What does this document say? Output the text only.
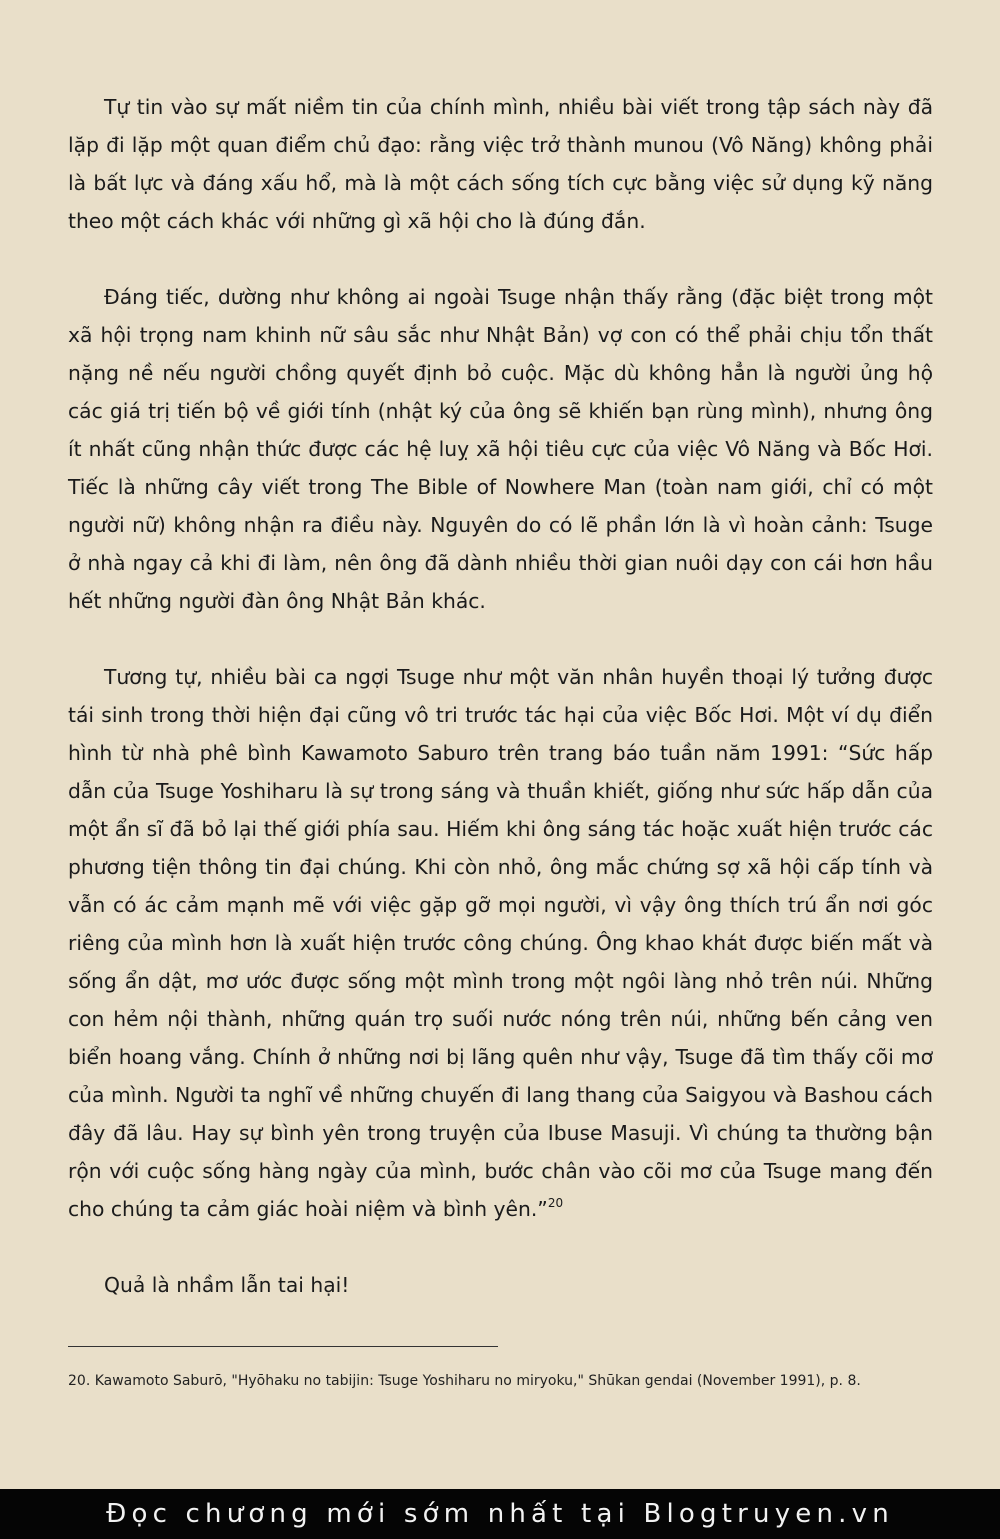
Tự tin vào sự mất niềm tin của chính mình, nhiều bài viết trong tập sách này đã lặp đi lặp một quan điểm chủ đạo: rằng việc trở thành munou (Vô Năng) không phải là bất lực và đáng xấu hổ, mà là một cách sống tích cực bằng việc sử dụng kỹ năng theo một cách khác với những gì xã hội cho là đúng đắn.

Đáng tiếc, dường như không ai ngoài Tsuge nhận thấy rằng (đặc biệt trong một xã hội trọng nam khinh nữ sâu sắc như Nhật Bản) vợ con có thể phải chịu tổn thất nặng nề nếu người chồng quyết định bỏ cuộc. Mặc dù không hẳn là người ủng hộ các giá trị tiến bộ về giới tính (nhật ký của ông sẽ khiến bạn rùng mình), nhưng ông ít nhất cũng nhận thức được các hệ luỵ xã hội tiêu cực của việc Vô Năng và Bốc Hơi. Tiếc là những cây viết trong The Bible of Nowhere Man (toàn nam giới, chỉ có một người nữ) không nhận ra điều này. Nguyên do có lẽ phần lớn là vì hoàn cảnh: Tsuge ở nhà ngay cả khi đi làm, nên ông đã dành nhiều thời gian nuôi dạy con cái hơn hầu hết những người đàn ông Nhật Bản khác.

Tương tự, nhiều bài ca ngợi Tsuge như một văn nhân huyền thoại lý tưởng được tái sinh trong thời hiện đại cũng vô tri trước tác hại của việc Bốc Hơi. Một ví dụ điển hình từ nhà phê bình Kawamoto Saburo trên trang báo tuần năm 1991: “Sức hấp dẫn của Tsuge Yoshiharu là sự trong sáng và thuần khiết, giống như sức hấp dẫn của một ẩn sĩ đã bỏ lại thế giới phía sau. Hiếm khi ông sáng tác hoặc xuất hiện trước các phương tiện thông tin đại chúng. Khi còn nhỏ, ông mắc chứng sợ xã hội cấp tính và vẫn có ác cảm mạnh mẽ với việc gặp gỡ mọi người, vì vậy ông thích trú ẩn nơi góc riêng của mình hơn là xuất hiện trước công chúng. Ông khao khát được biến mất và sống ẩn dật, mơ ước được sống một mình trong một ngôi làng nhỏ trên núi. Những con hẻm nội thành, những quán trọ suối nước nóng trên núi, những bến cảng ven biển hoang vắng. Chính ở những nơi bị lãng quên như vậy, Tsuge đã tìm thấy cõi mơ của mình. Người ta nghĩ về những chuyến đi lang thang của Saigyou và Bashou cách đây đã lâu. Hay sự bình yên trong truyện của Ibuse Masuji. Vì chúng ta thường bận rộn với cuộc sống hàng ngày của mình, bước chân vào cõi mơ của Tsuge mang đến cho chúng ta cảm giác hoài niệm và bình yên.”$^{20}$

Quả là nhầm lẫn tai hại!

20. Kawamoto Saburō, "Hyōhaku no tabijin: Tsuge Yoshiharu no miryoku," Shūkan gendai (November 1991), p. 8.
Đọc chương mới sớm nhất tại Blogtruyen.vn
